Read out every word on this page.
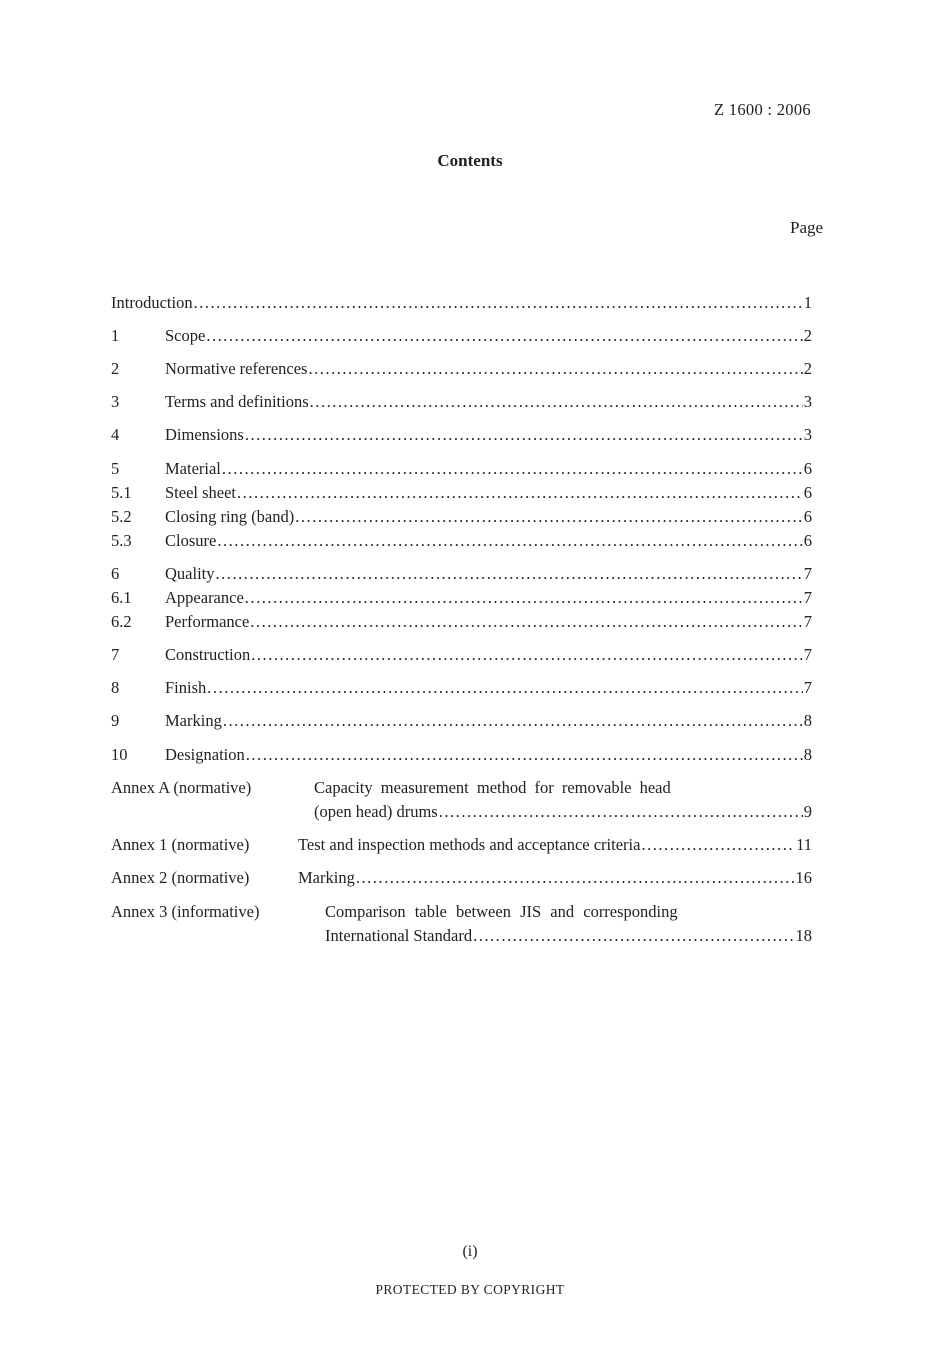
Z 1600 : 2006
Contents
Page
Introduction . . .	1
1	Scope . . .	2
2	Normative references . . .	2
3	Terms and definitions . . .	3
4	Dimensions . . .	3
5	Material . . .	6
5.1	Steel sheet . . .	6
5.2	Closing ring (band) . . .	6
5.3	Closure . . .	6
6	Quality . . .	7
6.1	Appearance . . .	7
6.2	Performance . . .	7
7	Construction . . .	7
8	Finish . . .	7
9	Marking . . .	8
10	Designation . . .	8
Annex A (normative)	Capacity measurement method for removable head
(open head) drums . . .	9
Annex 1 (normative)	Test and inspection methods and acceptance criteria . . .	11
Annex 2 (normative)	Marking . . .	16
Annex 3 (informative)	Comparison table between JIS and corresponding
International Standard . . .	18
(i)
PROTECTED BY COPYRIGHT
